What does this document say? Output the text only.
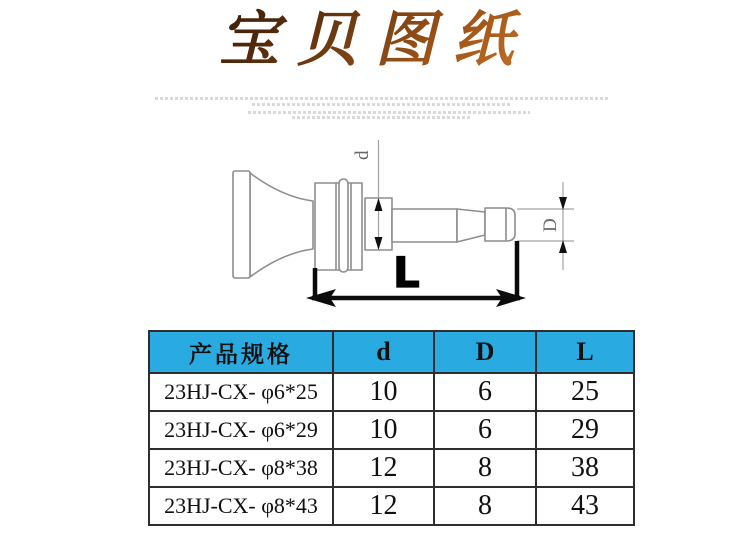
宝贝图纸
d
D
L
产品规格	d	D	L
23HJ-CX- φ6*25	10	6	25
23HJ-CX- φ6*29	10	6	29
23HJ-CX- φ8*38	12	8	38
23HJ-CX- φ8*43	12	8	43
